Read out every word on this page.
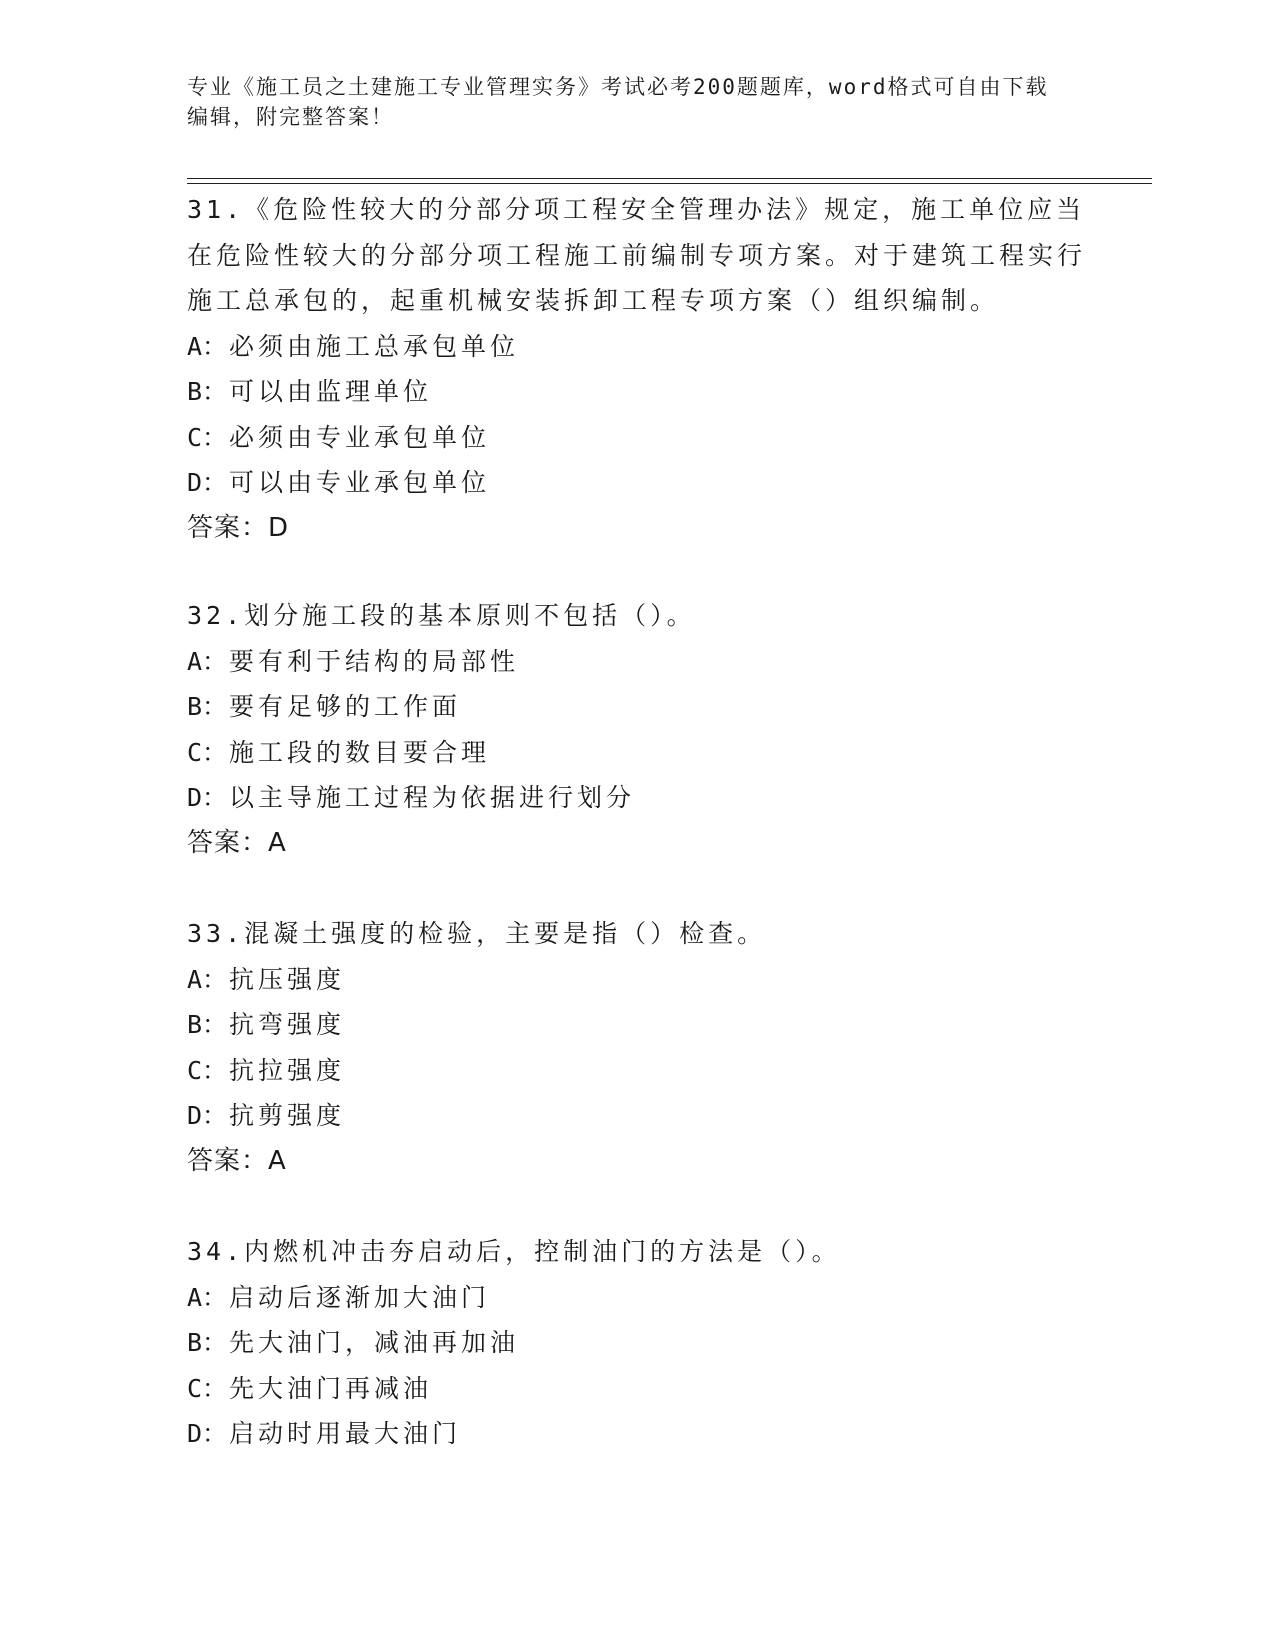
专业《施工员之土建施工专业管理实务》考试必考200题题库，word格式可自由下载编辑，附完整答案！

31.《危险性较大的分部分项工程安全管理办法》规定，施工单位应当在危险性较大的分部分项工程施工前编制专项方案。对于建筑工程实行施工总承包的，起重机械安装拆卸工程专项方案（）组织编制。

A：必须由施工总承包单位

B：可以由监理单位

C：必须由专业承包单位

D：可以由专业承包单位

答案：D

32.划分施工段的基本原则不包括（）。

A：要有利于结构的局部性

B：要有足够的工作面

C：施工段的数目要合理

D：以主导施工过程为依据进行划分

答案：A

33.混凝土强度的检验，主要是指（）检查。

A：抗压强度

B：抗弯强度

C：抗拉强度

D：抗剪强度

答案：A

34.内燃机冲击夯启动后，控制油门的方法是（）。

A：启动后逐渐加大油门

B：先大油门，减油再加油

C：先大油门再减油

D：启动时用最大油门
